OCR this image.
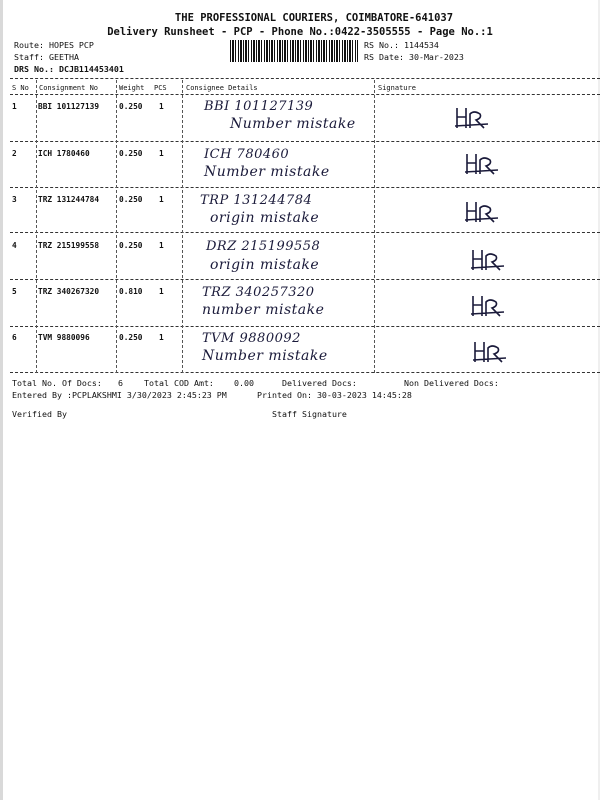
THE PROFESSIONAL COURIERS, COIMBATORE-641037
Delivery Runsheet - PCP - Phone No.:0422-3505555 - Page No.:1
Route: HOPES PCP
Staff: GEETHA
DRS No.: DCJB114453401
RS No.: 1144534
RS Date: 30-Mar-2023
S No Consignment No	Weight PCS	Consignee Details	Signature
1	BBI 101127139	0.250 1	BBI 101127139
Number mistake
2	ICH 1780460	0.250 1	ICH 780460
Number mistake
3	TRZ 131244784	0.250 1	TRP 131244784
origin mistake
4	TRZ 215199558	0.250 1	DRZ 215199558
origin mistake
5	TRZ 340267320	0.810 1	TRZ 340257320
number mistake
6	TVM 9880096	0.250 1	TVM 9880092
Number mistake
Total No. Of Docs: 6	Total COD Amt: 0.00	Delivered Docs:	Non Delivered Docs:
Entered By :PCPLAKSHMI 3/30/2023 2:45:23 PM	Printed On: 30-03-2023 14:45:28
Verified By	Staff Signature
